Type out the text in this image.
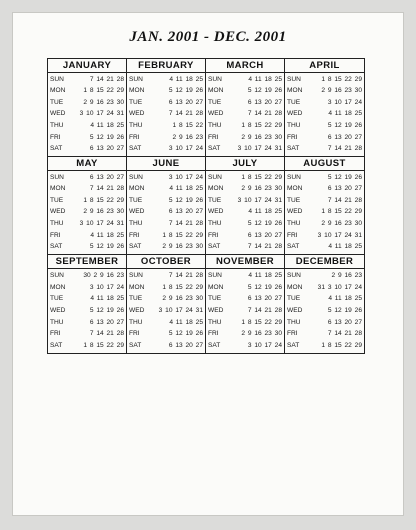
JAN. 2001 - DEC. 2001
JANUARY
SUN	7 14 21 28
MON	1 8 15 22 29
TUE	2 9 16 23 30
WED	3 10 17 24 31
THU	4 11 18 25
FRI	5 12 19 26
SAT	6 13 20 27
FEBRUARY
SUN	4 11 18 25
MON	5 12 19 26
TUE	6 13 20 27
WED	7 14 21 28
THU	1 8 15 22
FRI	2 9 16 23
SAT	3 10 17 24
MARCH
SUN	4 11 18 25
MON	5 12 19 26
TUE	6 13 20 27
WED	7 14 21 28
THU	1 8 15 22 29
FRI	2 9 16 23 30
SAT	3 10 17 24 31
APRIL
SUN	1 8 15 22 29
MON	2 9 16 23 30
TUE	3 10 17 24
WED	4 11 18 25
THU	5 12 19 26
FRI	6 13 20 27
SAT	7 14 21 28
MAY
SUN	6 13 20 27
MON	7 14 21 28
TUE	1 8 15 22 29
WED	2 9 16 23 30
THU	3 10 17 24 31
FRI	4 11 18 25
SAT	5 12 19 26
JUNE
SUN	3 10 17 24
MON	4 11 18 25
TUE	5 12 19 26
WED	6 13 20 27
THU	7 14 21 28
FRI	1 8 15 22 29
SAT	2 9 16 23 30
JULY
SUN	1 8 15 22 29
MON	2 9 16 23 30
TUE	3 10 17 24 31
WED	4 11 18 25
THU	5 12 19 26
FRI	6 13 20 27
SAT	7 14 21 28
AUGUST
SUN	5 12 19 26
MON	6 13 20 27
TUE	7 14 21 28
WED	1 8 15 22 29
THU	2 9 16 23 30
FRI	3 10 17 24 31
SAT	4 11 18 25
SEPTEMBER
SUN	30 2 9 16 23
MON	3 10 17 24
TUE	4 11 18 25
WED	5 12 19 26
THU	6 13 20 27
FRI	7 14 21 28
SAT	1 8 15 22 29
OCTOBER
SUN	7 14 21 28
MON	1 8 15 22 29
TUE	2 9 16 23 30
WED	3 10 17 24 31
THU	4 11 18 25
FRI	5 12 19 26
SAT	6 13 20 27
NOVEMBER
SUN	4 11 18 25
MON	5 12 19 26
TUE	6 13 20 27
WED	7 14 21 28
THU	1 8 15 22 29
FRI	2 9 16 23 30
SAT	3 10 17 24
DECEMBER
SUN	2 9 16 23
MON	31 3 10 17 24
TUE	4 11 18 25
WED	5 12 19 26
THU	6 13 20 27
FRI	7 14 21 28
SAT	1 8 15 22 29
